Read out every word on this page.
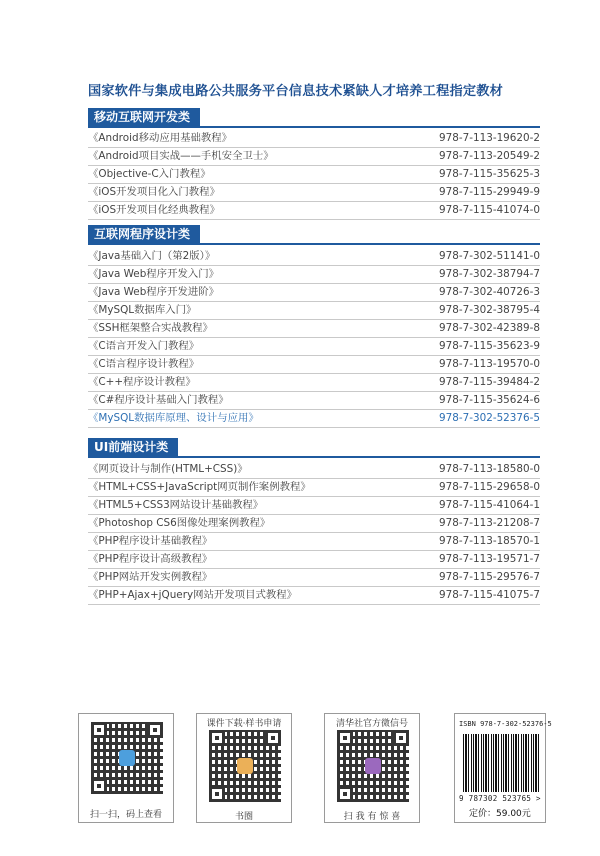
国家软件与集成电路公共服务平台信息技术紧缺人才培养工程指定教材
移动互联网开发类
《Android移动应用基础教程》	978-7-113-19620-2
《Android项目实战——手机安全卫士》	978-7-113-20549-2
《Objective-C入门教程》	978-7-115-35625-3
《iOS开发项目化入门教程》	978-7-115-29949-9
《iOS开发项目化经典教程》	978-7-115-41074-0
互联网程序设计类
《Java基础入门（第2版）》	978-7-302-51141-0
《Java Web程序开发入门》	978-7-302-38794-7
《Java Web程序开发进阶》	978-7-302-40726-3
《MySQL数据库入门》	978-7-302-38795-4
《SSH框架整合实战教程》	978-7-302-42389-8
《C语言开发入门教程》	978-7-115-35623-9
《C语言程序设计教程》	978-7-113-19570-0
《C++程序设计教程》	978-7-115-39484-2
《C#程序设计基础入门教程》	978-7-115-35624-6
《MySQL数据库原理、设计与应用》	978-7-302-52376-5
UI前端设计类
《网页设计与制作(HTML+CSS)》	978-7-113-18580-0
《HTML+CSS+JavaScript网页制作案例教程》	978-7-115-29658-0
《HTML5+CSS3网站设计基础教程》	978-7-115-41064-1
《Photoshop CS6图像处理案例教程》	978-7-113-21208-7
《PHP程序设计基础教程》	978-7-113-18570-1
《PHP程序设计高级教程》	978-7-113-19571-7
《PHP网站开发实例教程》	978-7-115-29576-7
《PHP+Ajax+jQuery网站开发项目式教程》	978-7-115-41075-7
扫一扫，码上查看
课件下载·样书申请
书圈
清华社官方微信号
扫 我 有 惊 喜
ISBN 978-7-302-52376-5
9 787302 523765 >
定价：59.00元
